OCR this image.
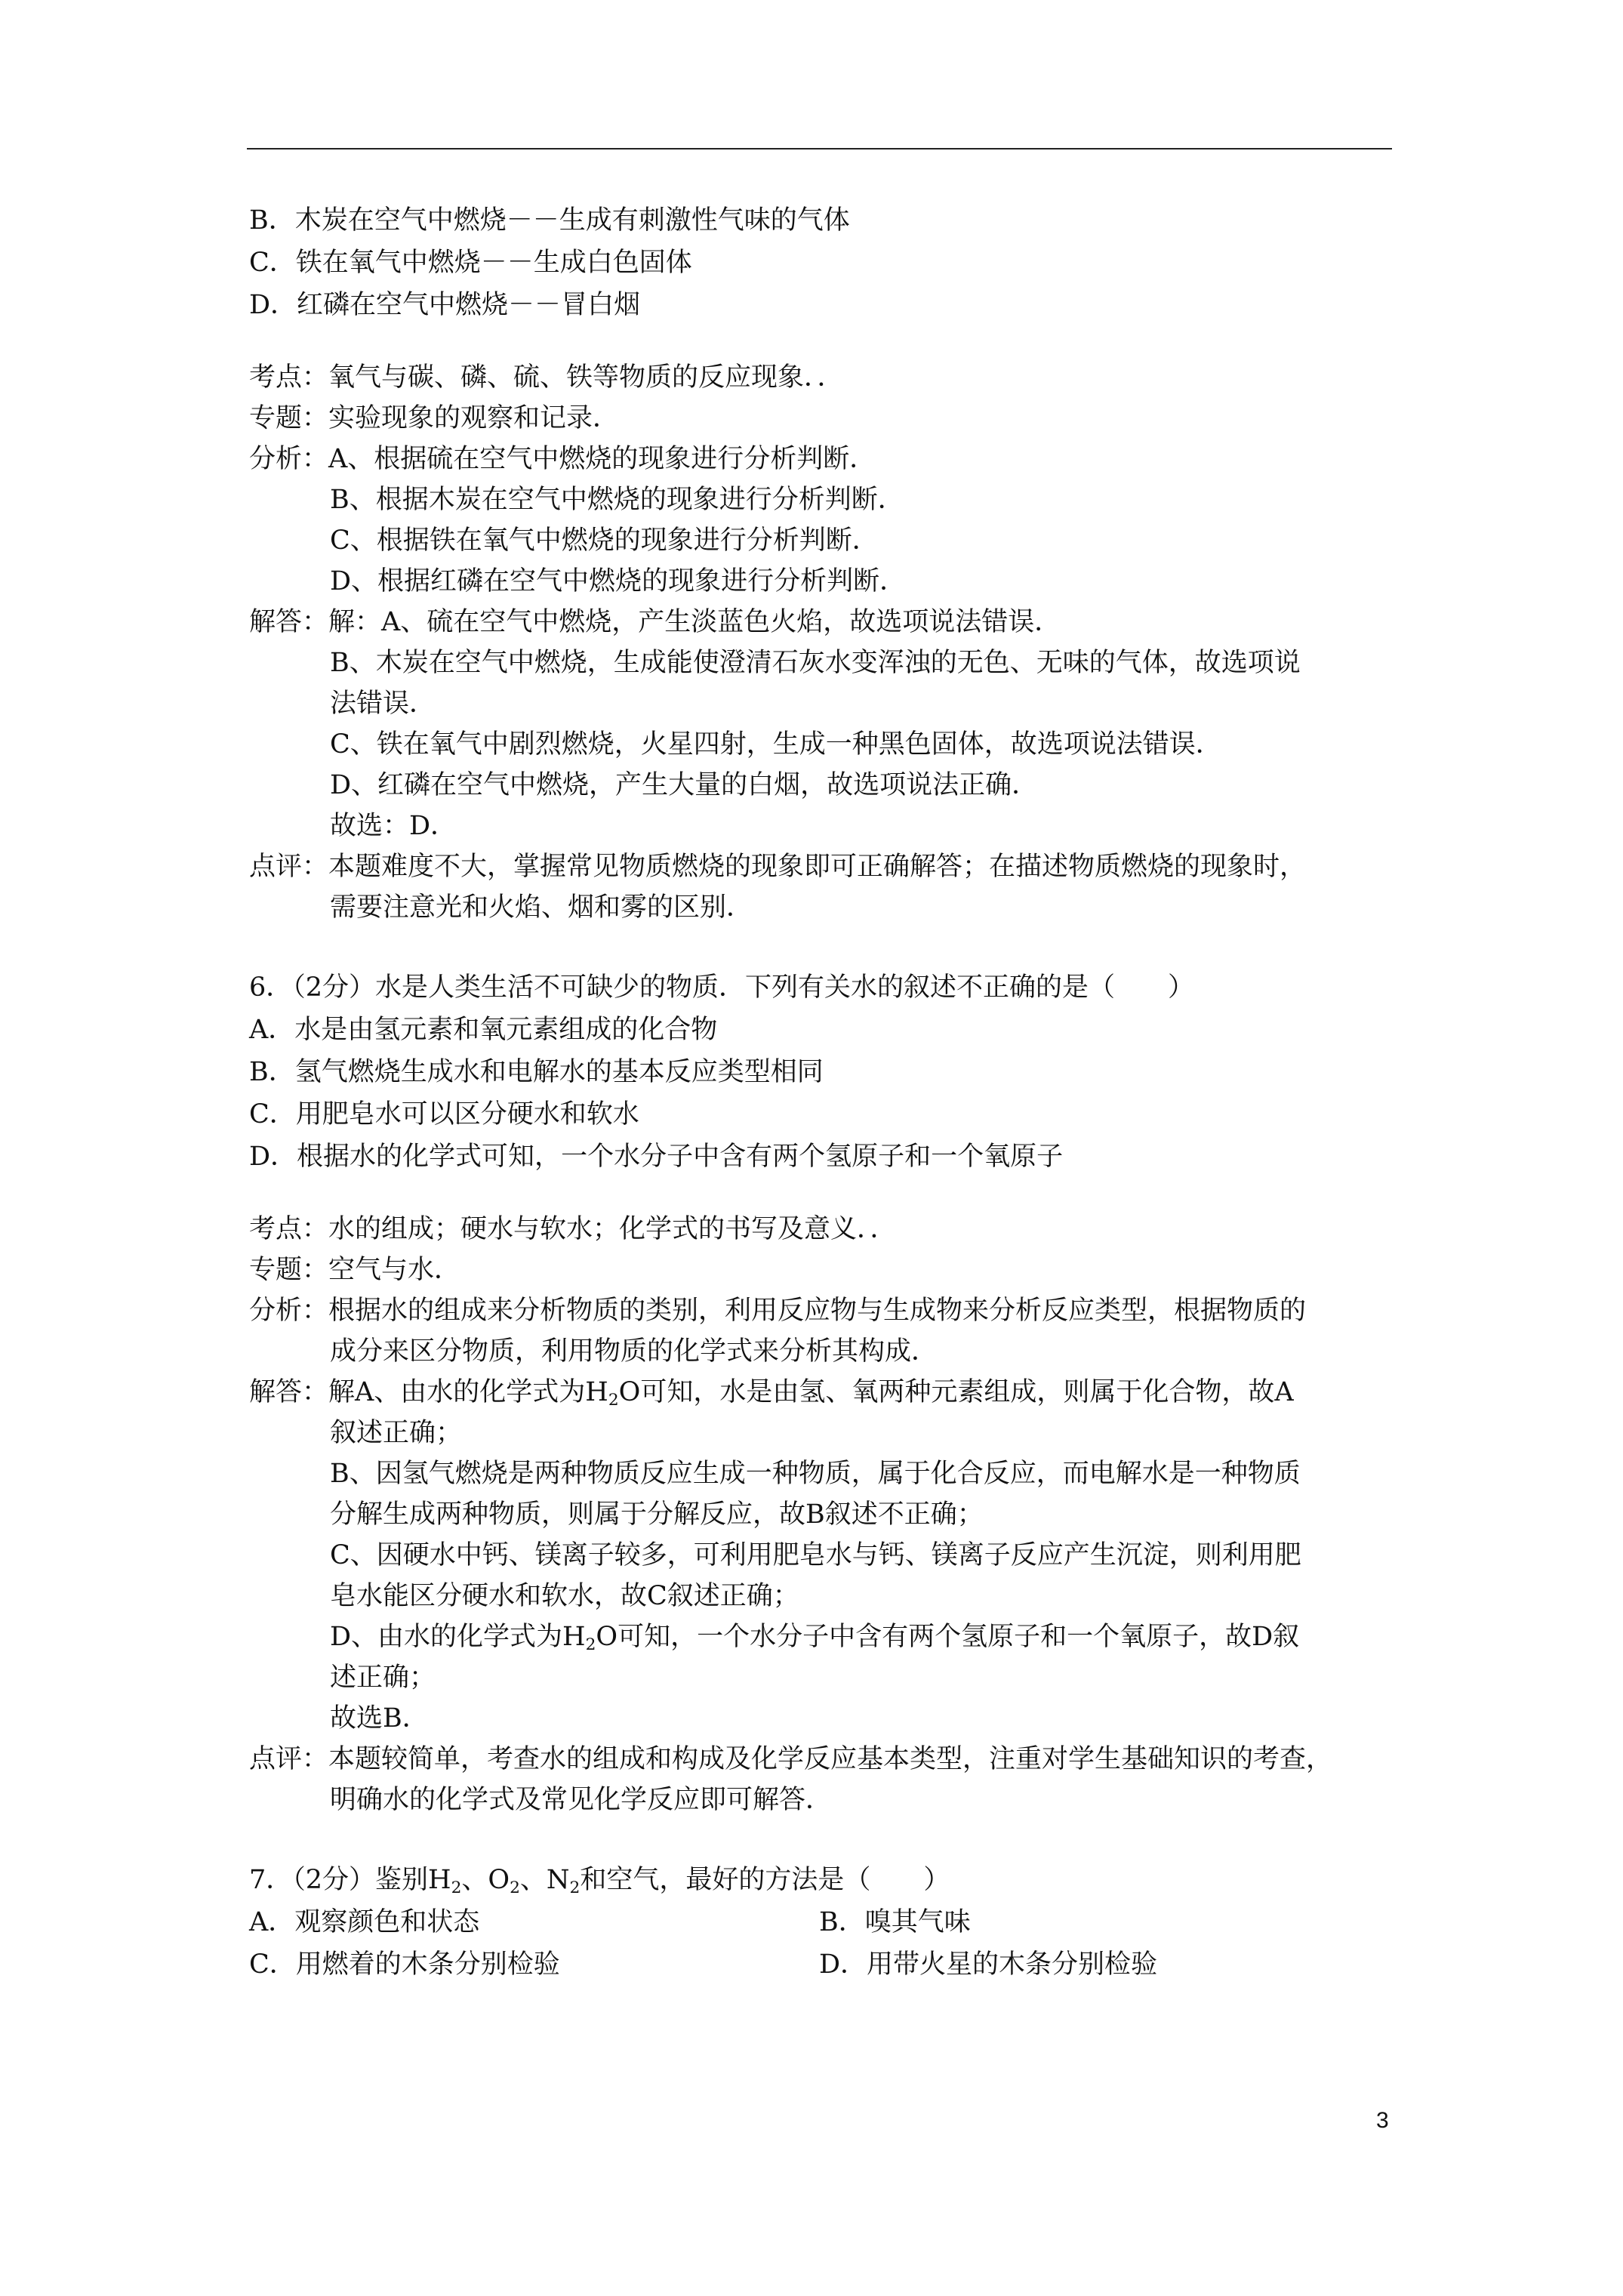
B．木炭在空气中燃烧－－生成有刺激性气味的气体
C．铁在氧气中燃烧－－生成白色固体
D．红磷在空气中燃烧－－冒白烟
考点：氧气与碳、磷、硫、铁等物质的反应现象．．
专题：实验现象的观察和记录．
分析：A、根据硫在空气中燃烧的现象进行分析判断．
B、根据木炭在空气中燃烧的现象进行分析判断．
C、根据铁在氧气中燃烧的现象进行分析判断．
D、根据红磷在空气中燃烧的现象进行分析判断．
解答：解：A、硫在空气中燃烧，产生淡蓝色火焰，故选项说法错误．
B、木炭在空气中燃烧，生成能使澄清石灰水变浑浊的无色、无味的气体，故选项说
法错误．
C、铁在氧气中剧烈燃烧，火星四射，生成一种黑色固体，故选项说法错误．
D、红磷在空气中燃烧，产生大量的白烟，故选项说法正确．
故选：D．
点评：本题难度不大，掌握常见物质燃烧的现象即可正确解答；在描述物质燃烧的现象时，
需要注意光和火焰、烟和雾的区别．
6．（2分）水是人类生活不可缺少的物质．下列有关水的叙述不正确的是（　　）
A．水是由氢元素和氧元素组成的化合物
B．氢气燃烧生成水和电解水的基本反应类型相同
C．用肥皂水可以区分硬水和软水
D．根据水的化学式可知，一个水分子中含有两个氢原子和一个氧原子
考点：水的组成；硬水与软水；化学式的书写及意义．．
专题：空气与水．
分析：根据水的组成来分析物质的类别，利用反应物与生成物来分析反应类型，根据物质的
成分来区分物质，利用物质的化学式来分析其构成．
解答：解A、由水的化学式为$H_2O$可知，水是由氢、氧两种元素组成，则属于化合物，故A
叙述正确；
B、因氢气燃烧是两种物质反应生成一种物质，属于化合反应，而电解水是一种物质
分解生成两种物质，则属于分解反应，故B叙述不正确；
C、因硬水中钙、镁离子较多，可利用肥皂水与钙、镁离子反应产生沉淀，则利用肥
皂水能区分硬水和软水，故C叙述正确；
D、由水的化学式为$H_2O$可知，一个水分子中含有两个氢原子和一个氧原子，故D叙
述正确；
故选B．
点评：本题较简单，考查水的组成和构成及化学反应基本类型，注重对学生基础知识的考查，
明确水的化学式及常见化学反应即可解答．
7．（2分）鉴别$H_2$、$O_2$、$N_2$和空气，最好的方法是（　　）
A．观察颜色和状态	B．嗅其气味
C．用燃着的木条分别检验	D．用带火星的木条分别检验
3
